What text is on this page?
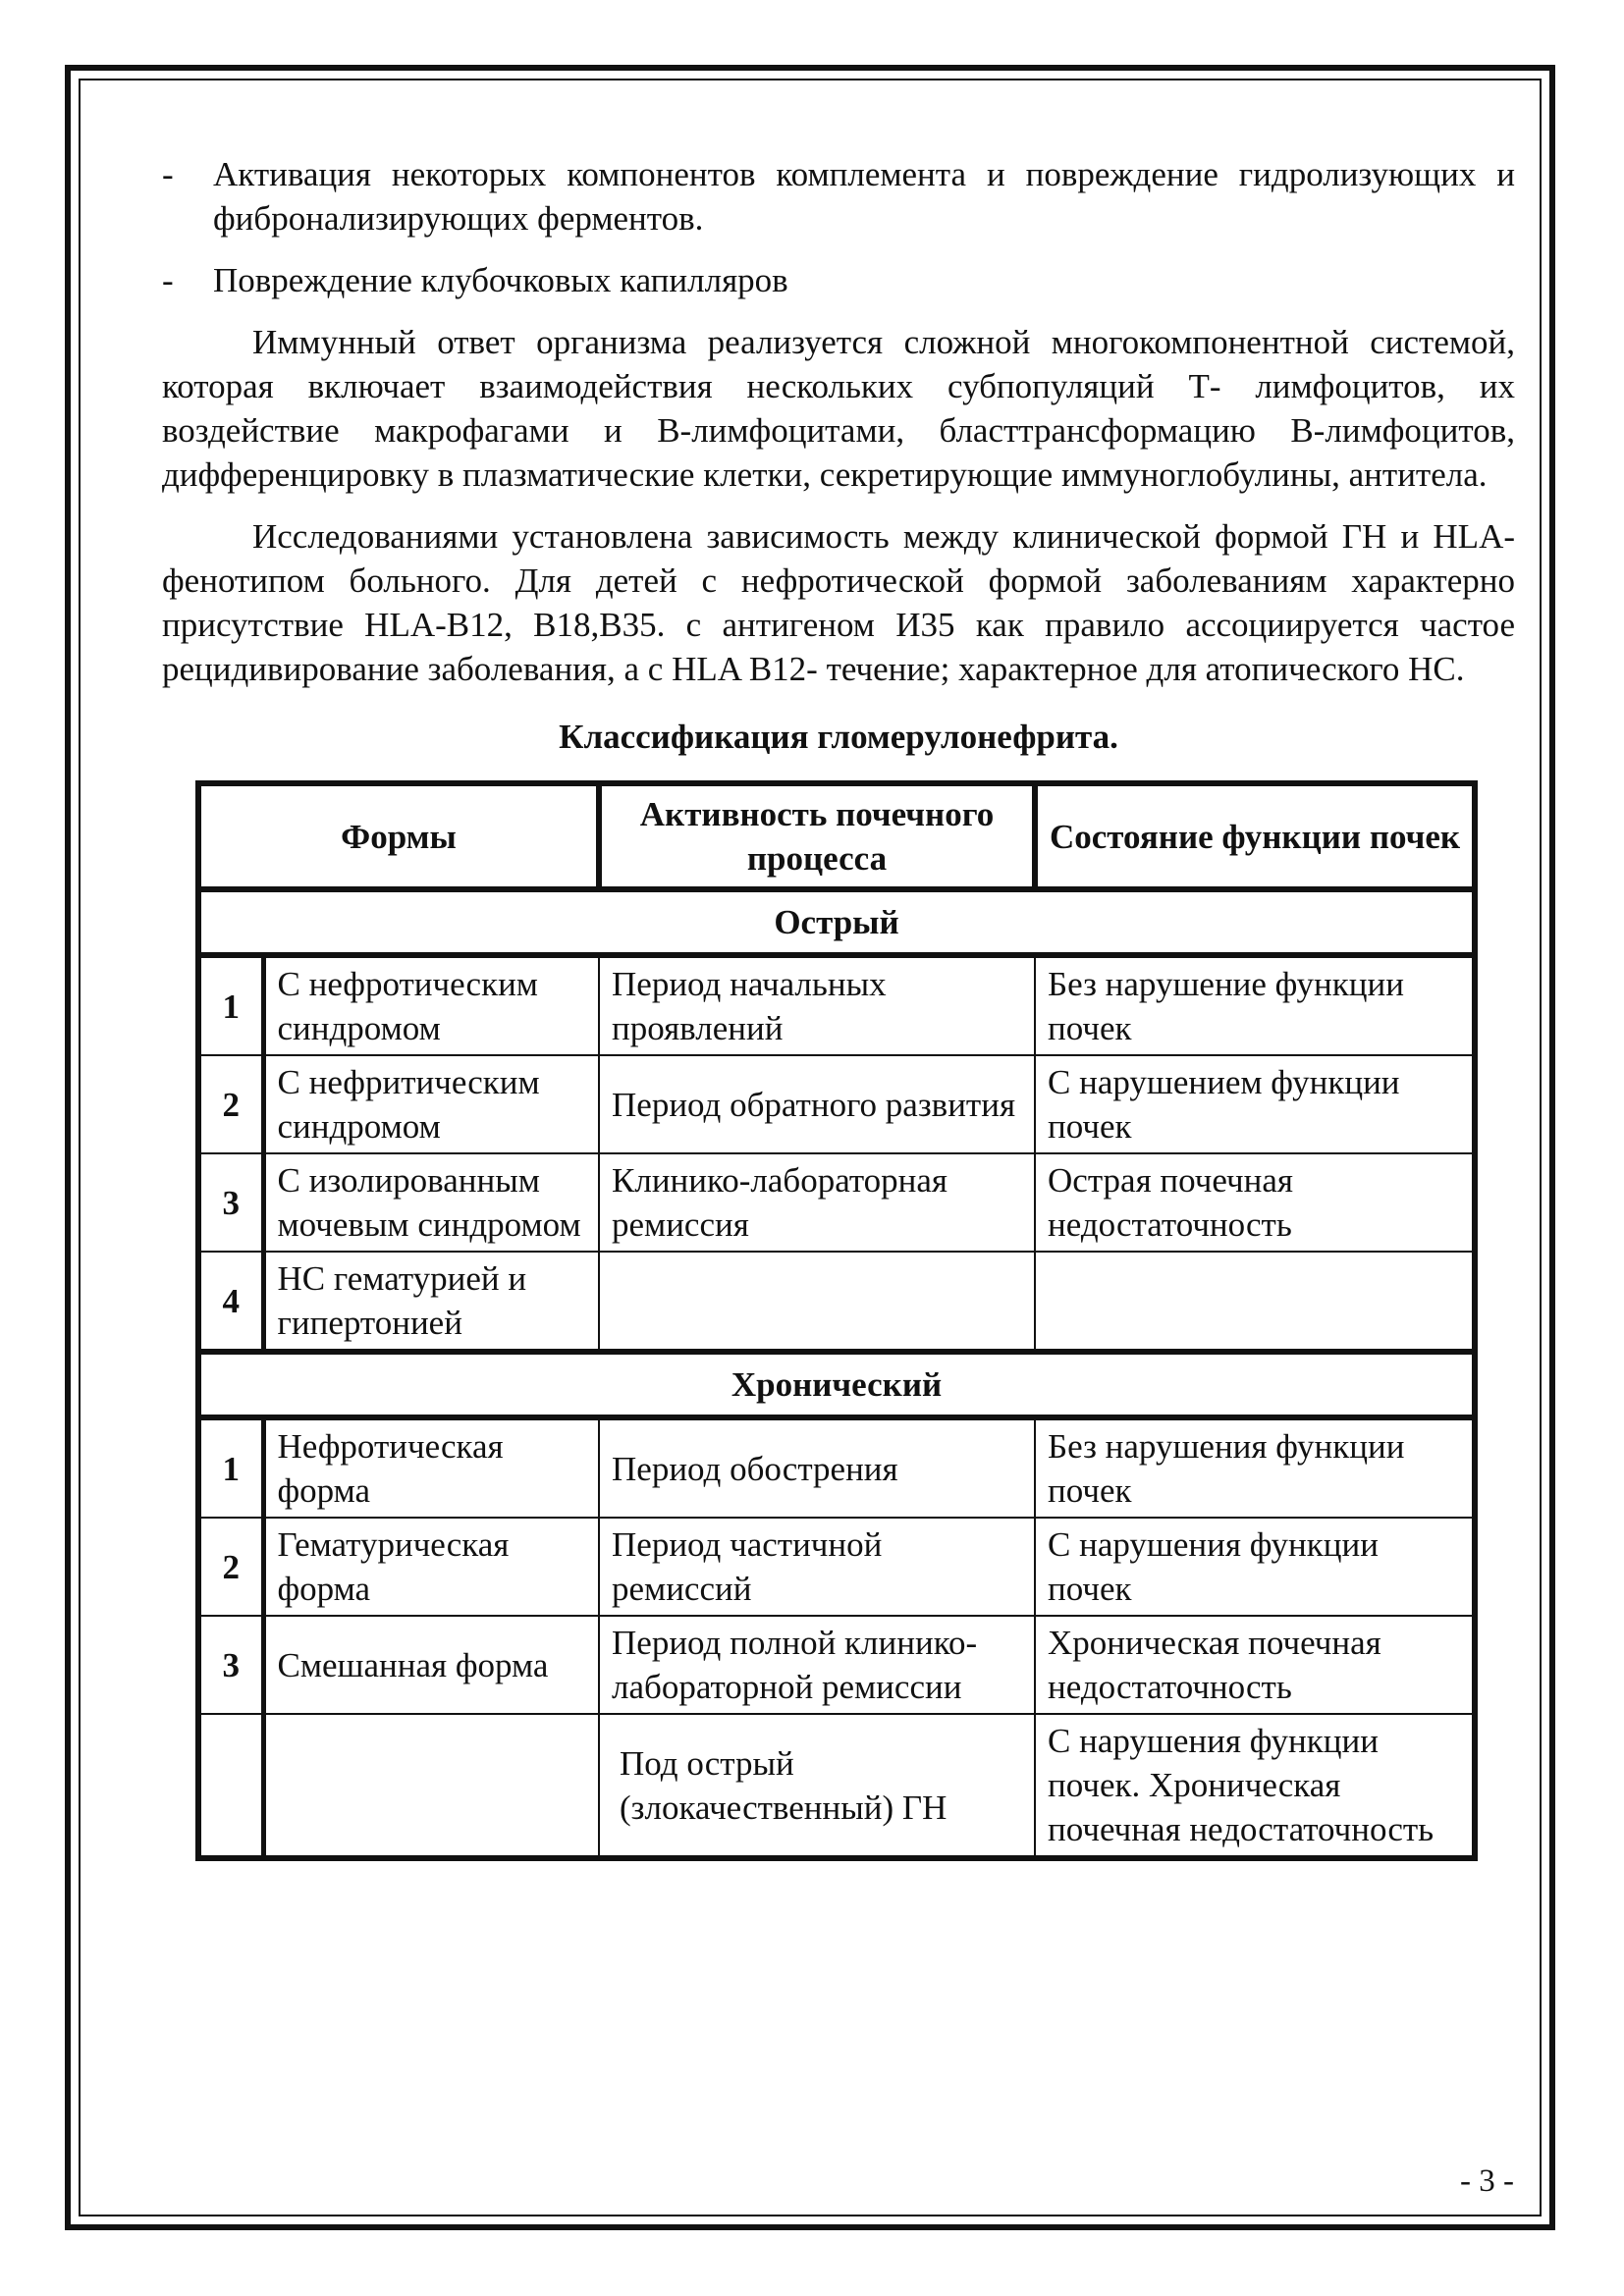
-	Активация некоторых компонентов комплемента и повреждение гидролизующих и фибронализирующих ферментов.
-	Повреждение клубочковых капилляров

Иммунный ответ организма реализуется сложной многокомпонентной системой, которая включает взаимодействия нескольких субпопуляций Т- лимфоцитов, их воздействие макрофагами и В-лимфоцитами, бласттрансформацию В-лимфоцитов, дифференцировку в плазматические клетки, секретирующие иммуноглобулины, антитела.

Исследованиями установлена зависимость между клинической формой ГН и HLA- фенотипом больного. Для детей с нефротической формой заболеваниям характерно присутствие HLA-B12, B18,B35. с антигеном И35 как правило ассоциируется частое рецидивирование заболевания, а с HLA B12- течение; характерное для атопического НС.

Классификация гломерулонефрита.
Формы		Активность почечного процесса	Состояние функции почек
Острый			
1	С нефротическим синдромом	Период начальных проявлений	Без нарушение функции почек
2	С нефритическим синдромом	Период обратного развития	С нарушением функции почек
3	С изолированным мочевым синдромом	Клинико-лабораторная ремиссия	Острая почечная недостаточность
4	НС гематурией и гипертонией		
Хронический			
1	Нефротическая форма	Период обострения	Без нарушения функции почек
2	Гематурическая форма	Период частичной ремиссий	С нарушения функции почек
3	Смешанная форма	Период полной клинико-лабораторной ремиссии	Хроническая почечная недостаточность
		Под острый (злокачественный) ГН	С нарушения функции почек. Хроническая почечная недостаточность
- 3 -
